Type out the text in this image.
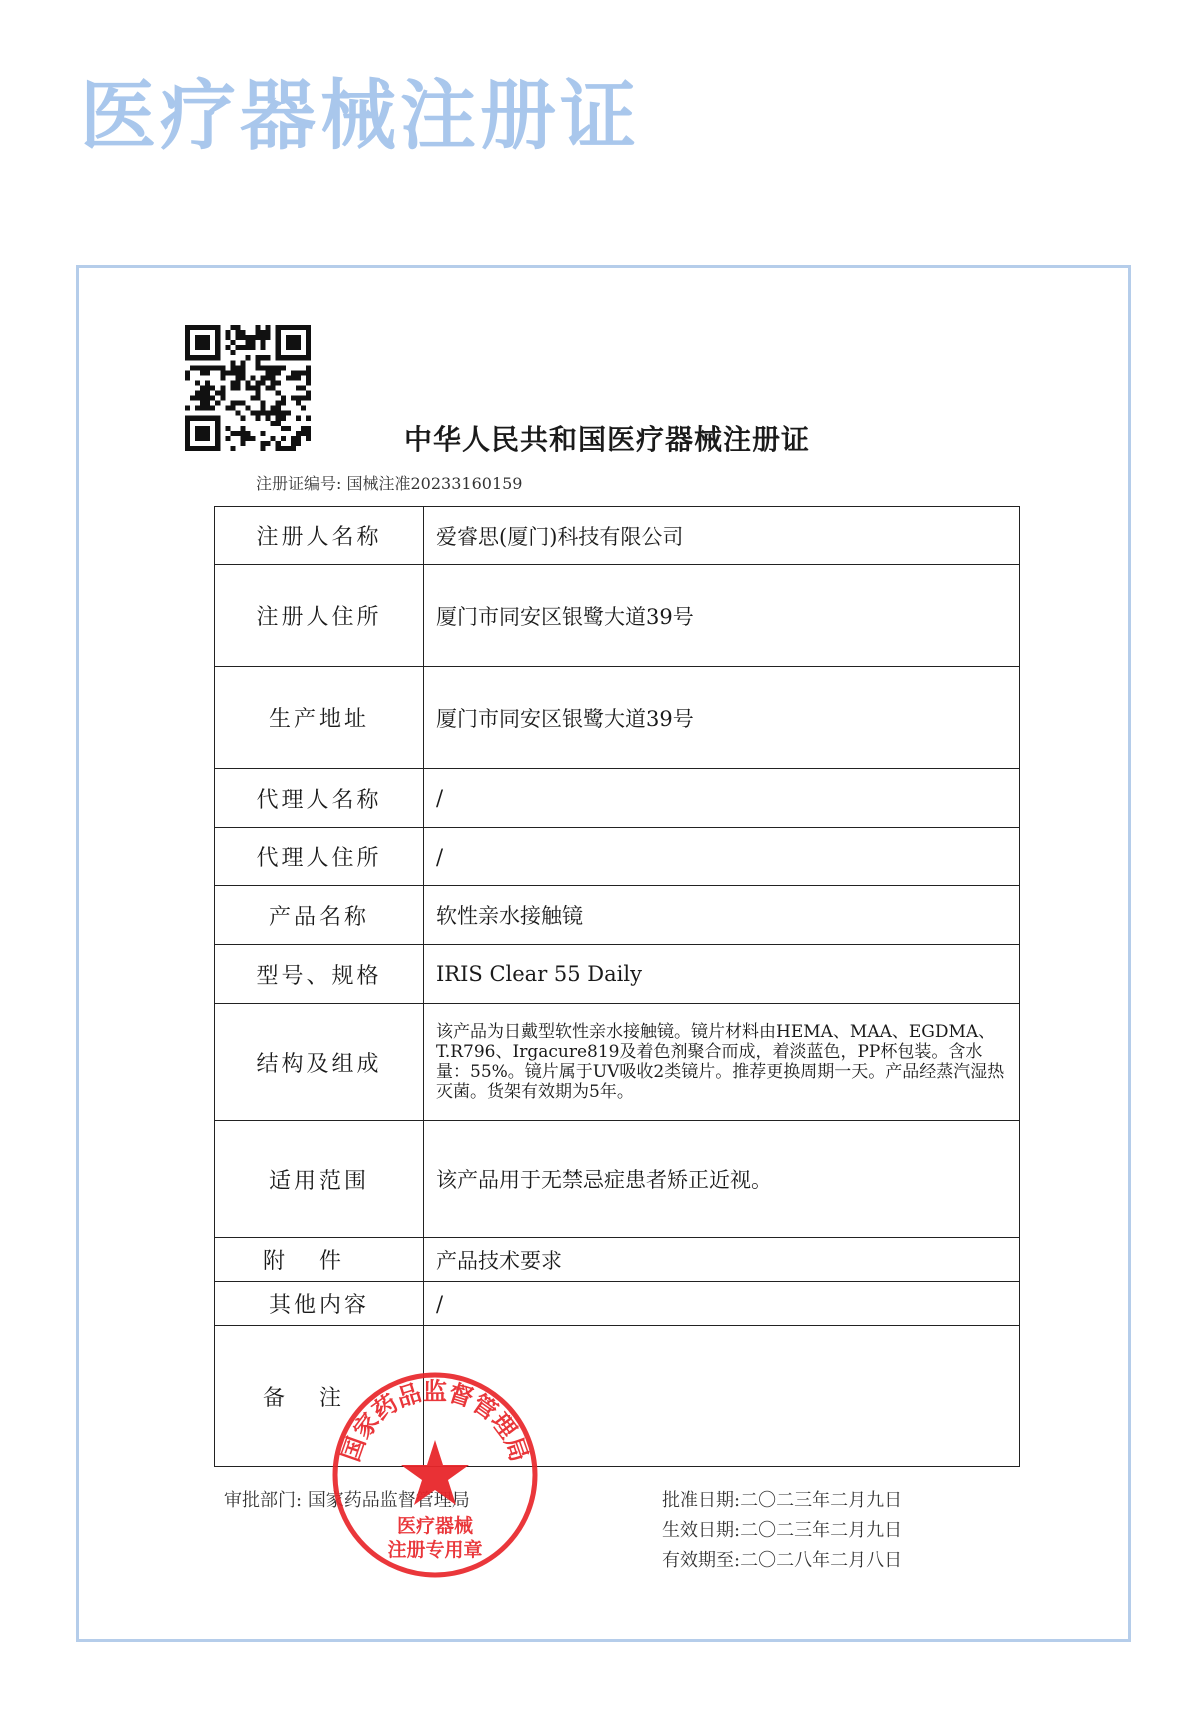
医疗器械注册证
中华人民共和国医疗器械注册证
注册证编号: 国械注准20233160159
注册人名称	爱睿思(厦门)科技有限公司
注册人住所	厦门市同安区银鹭大道39号
生产地址	厦门市同安区银鹭大道39号
代理人名称	/
代理人住所	/
产品名称	软性亲水接触镜
型号、规格	IRIS Clear 55 Daily
结构及组成	该产品为日戴型软性亲水接触镜。镜片材料由HEMA、MAA、EGDMA、T.R796、Irgacure819及着色剂聚合而成，着淡蓝色，PP杯包装。含水量：55%。镜片属于UV吸收2类镜片。推荐更换周期一天。产品经蒸汽湿热灭菌。货架有效期为5年。
适用范围	该产品用于无禁忌症患者矫正近视。
附件	产品技术要求
其他内容	/
备注	
审批部门: 国家药品监督管理局	批准日期:二〇二三年二月九日
生效日期:二〇二三年二月九日
有效期至:二〇二八年二月八日
国家药品监督管理局
医疗器械
注册专用章
